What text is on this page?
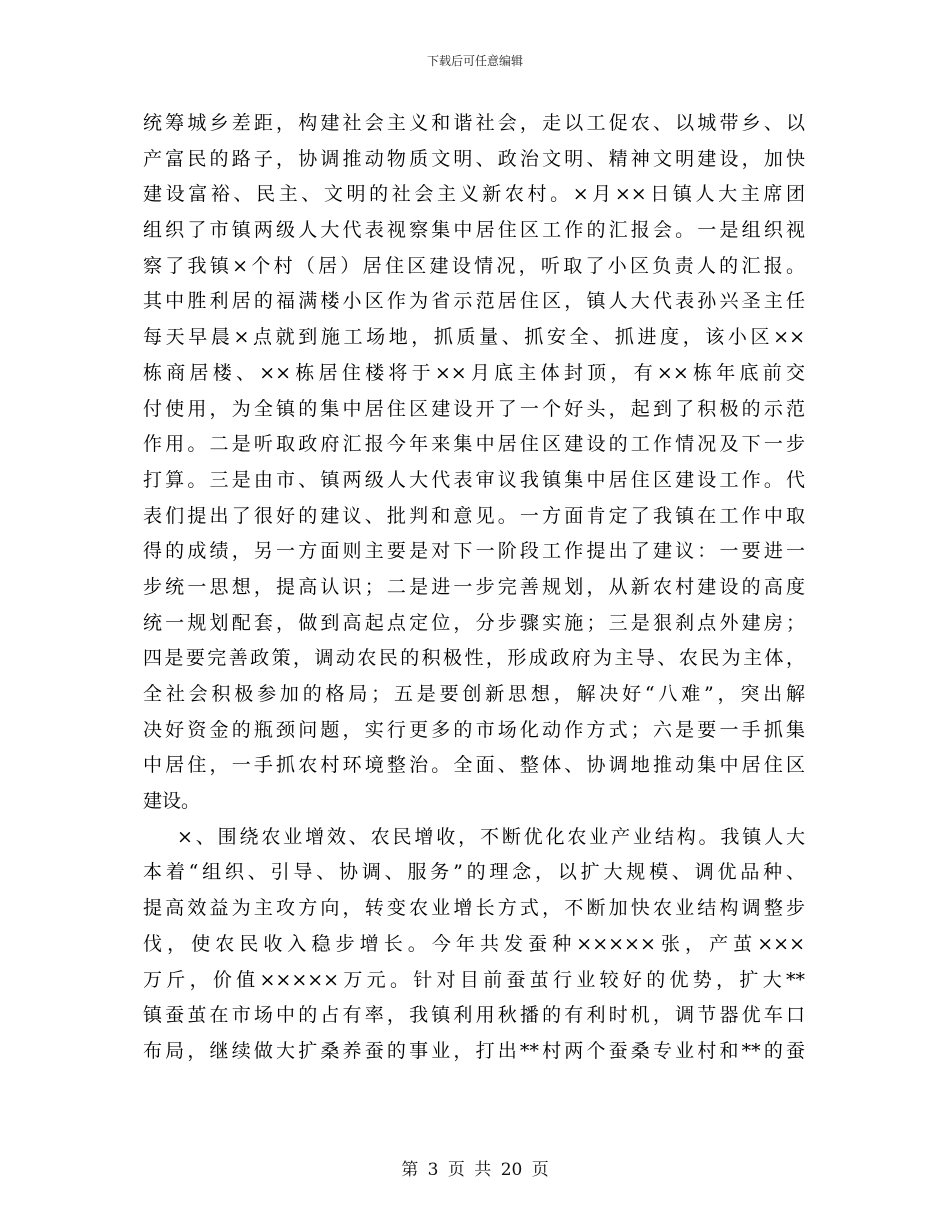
下载后可任意编辑
统筹城乡差距，构建社会主义和谐社会，走以工促农、以城带乡、以
产富民的路子，协调推动物质文明、政治文明、精神文明建设，加快
建设富裕、民主、文明的社会主义新农村。×月××日镇人大主席团
组织了市镇两级人大代表视察集中居住区工作的汇报会。一是组织视
察了我镇×个村（居）居住区建设情况，听取了小区负责人的汇报。
其中胜利居的福满楼小区作为省示范居住区，镇人大代表孙兴圣主任
每天早晨×点就到施工场地，抓质量、抓安全、抓进度，该小区××
栋商居楼、××栋居住楼将于××月底主体封顶，有××栋年底前交
付使用，为全镇的集中居住区建设开了一个好头，起到了积极的示范
作用。二是听取政府汇报今年来集中居住区建设的工作情况及下一步
打算。三是由市、镇两级人大代表审议我镇集中居住区建设工作。代
表们提出了很好的建议、批判和意见。一方面肯定了我镇在工作中取
得的成绩，另一方面则主要是对下一阶段工作提出了建议：一要进一
步统一思想，提高认识；二是进一步完善规划，从新农村建设的高度
统一规划配套，做到高起点定位，分步骤实施；三是狠刹点外建房；
四是要完善政策，调动农民的积极性，形成政府为主导、农民为主体，
全社会积极参加的格局；五是要创新思想，解决好“八难”，突出解
决好资金的瓶颈问题，实行更多的市场化动作方式；六是要一手抓集
中居住，一手抓农村环境整治。全面、整体、协调地推动集中居住区
建设。
×、围绕农业增效、农民增收，不断优化农业产业结构。我镇人大
本着“组织、引导、协调、服务”的理念，以扩大规模、调优品种、
提高效益为主攻方向，转变农业增长方式，不断加快农业结构调整步
伐，使农民收入稳步增长。今年共发蚕种×××××张，产茧×××
万斤，价值×××××万元。针对目前蚕茧行业较好的优势，扩大**
镇蚕茧在市场中的占有率，我镇利用秋播的有利时机，调节器优车口
布局，继续做大扩桑养蚕的事业，打出**村两个蚕桑专业村和**的蚕
第 3 页 共 20 页
